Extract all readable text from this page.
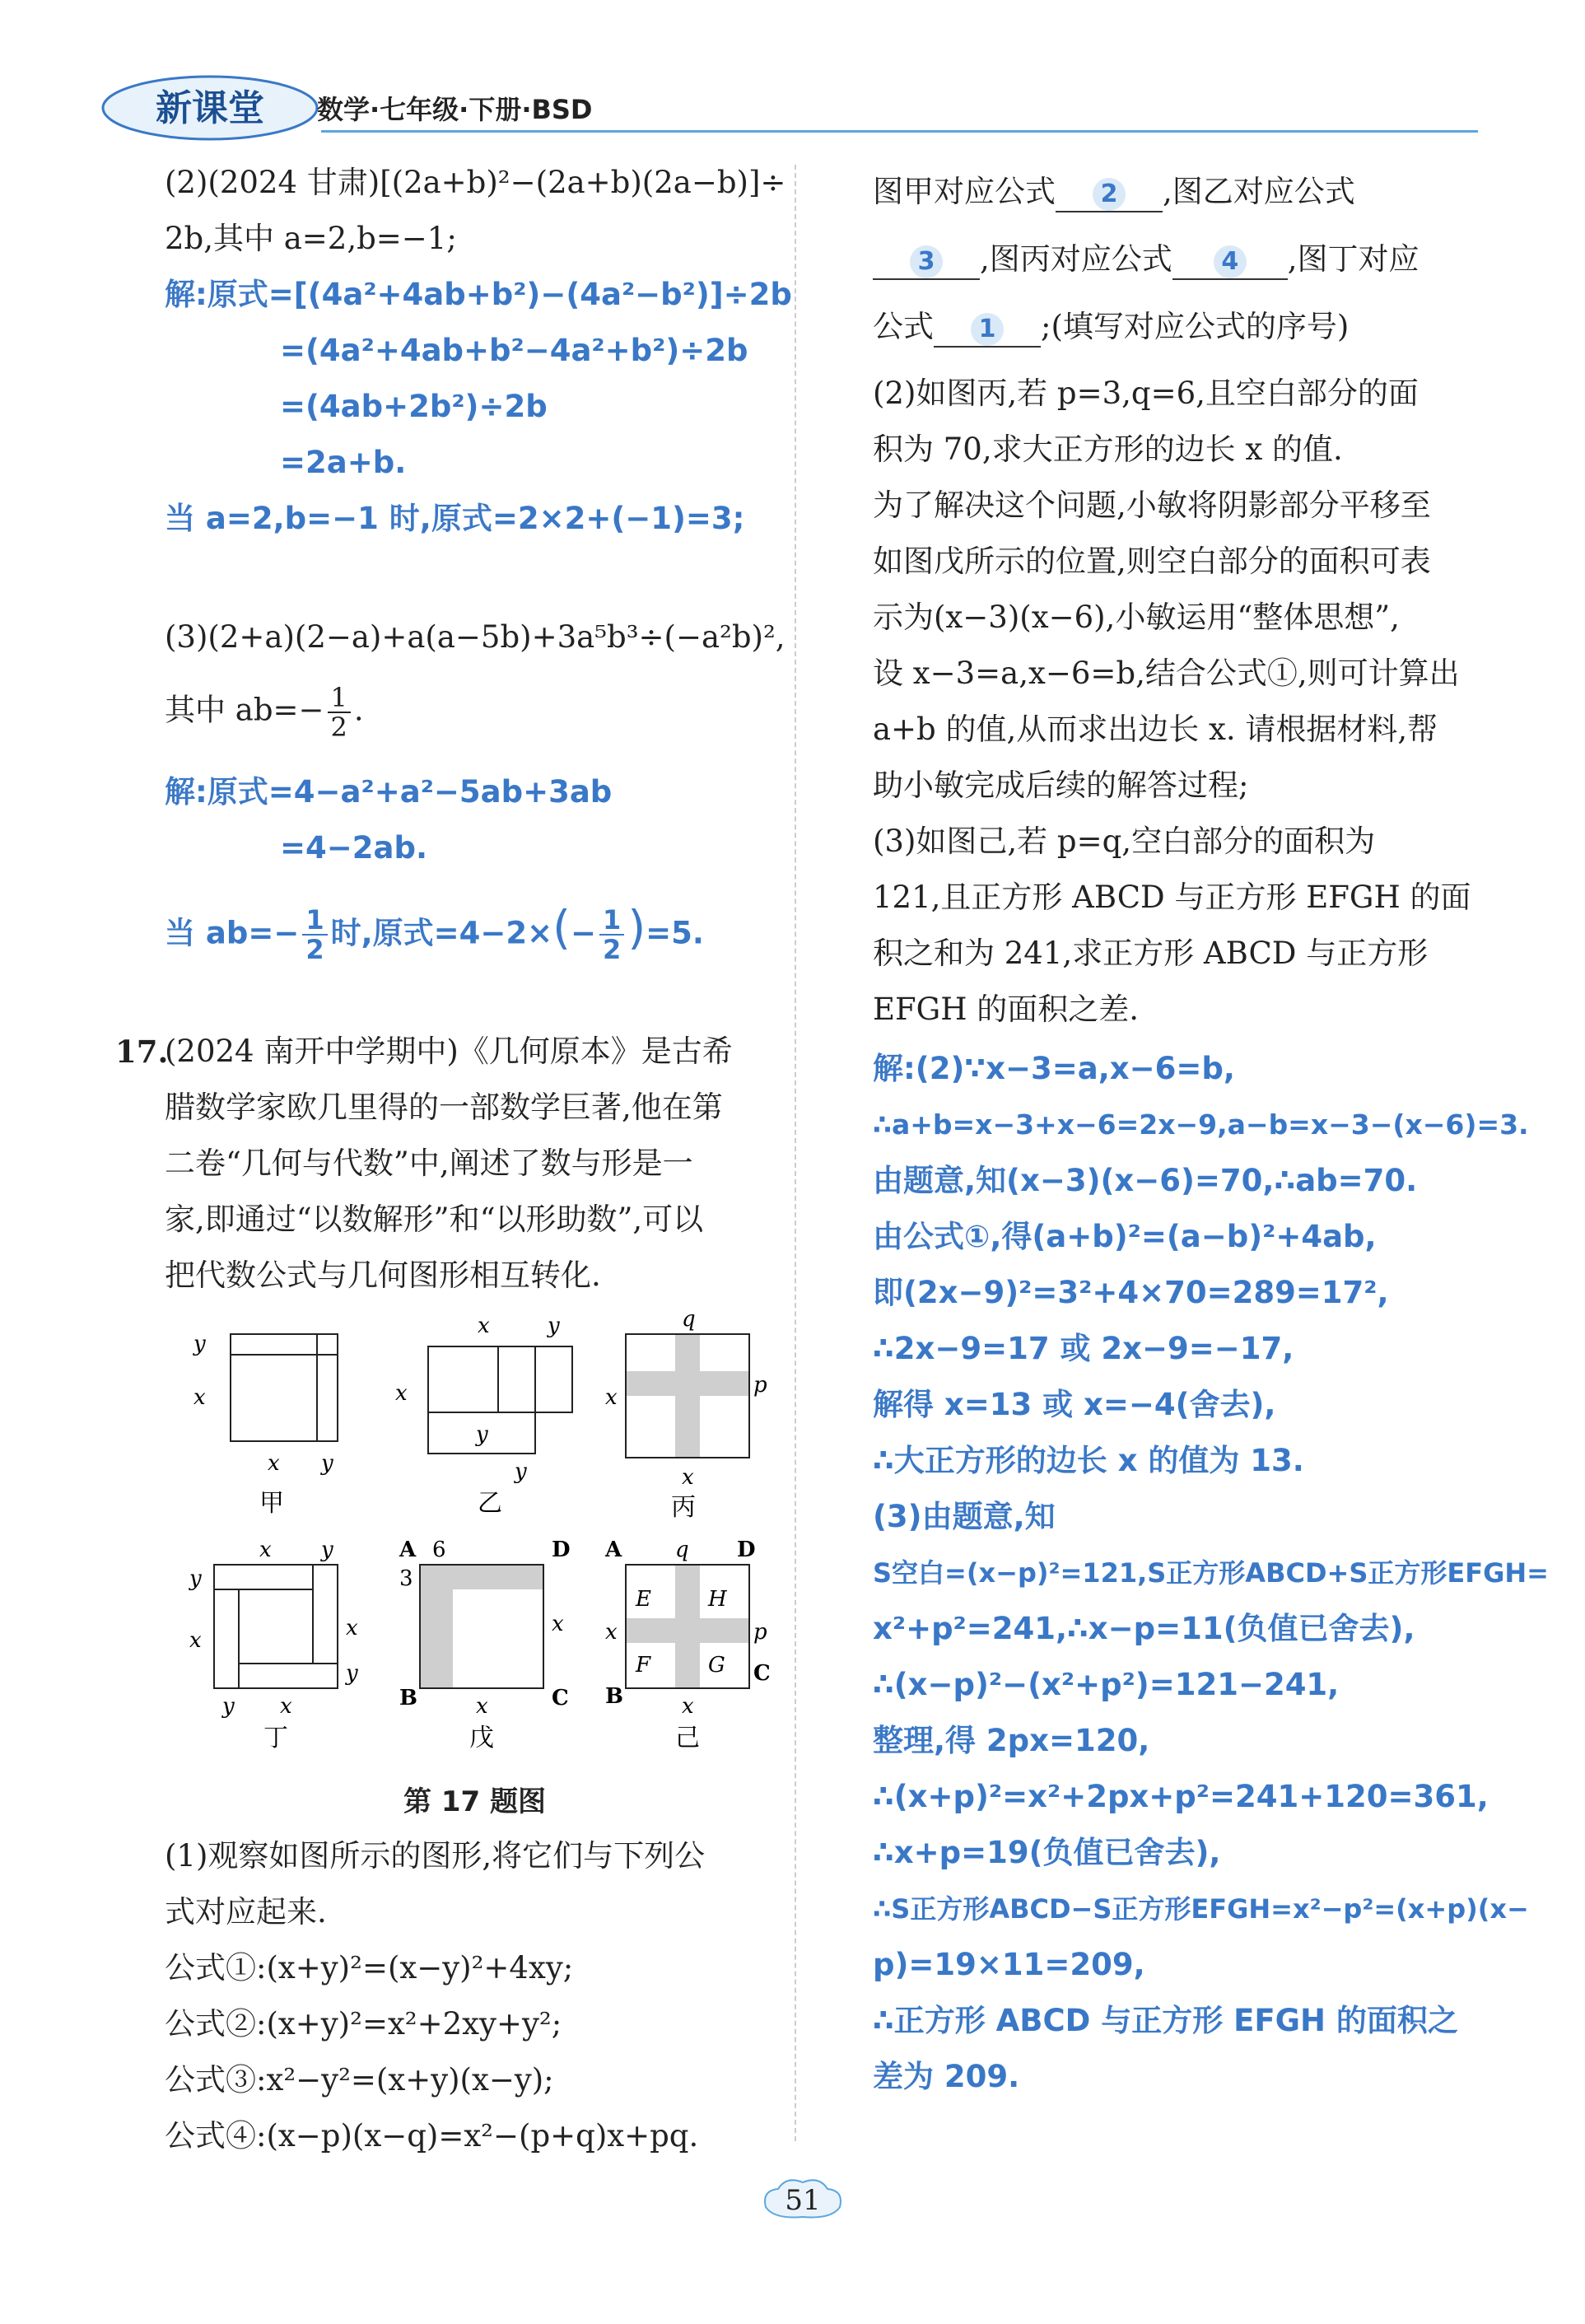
新课堂 数学·七年级·下册·BSD
(2)(2024 甘肃)[(2a+b)²−(2a+b)(2a−b)]÷
2b,其中 a=2,b=−1;
解:原式=[(4a²+4ab+b²)−(4a²−b²)]÷2b
=(4a²+4ab+b²−4a²+b²)÷2b
=(4ab+2b²)÷2b
=2a+b.
当 a=2,b=−1 时,原式=2×2+(−1)=3;
(3)(2+a)(2−a)+a(a−5b)+3a⁵b³÷(−a²b)²,
其中 $ab=- \frac{1}{2}$ .
解:原式=4−a²+a²−5ab+3ab
=4−2ab.
当 $ab=- \frac{1}{2}$ 时,原式$=4-2\times(- \frac{1}{2} )=5$.
17.
(2024 南开中学期中)《几何原本》是古希
腊数学家欧几里得的一部数学巨著,他在第
二卷“几何与代数”中,阐述了数与形是一
家,即通过“以数解形”和“以形助数”,可以
把代数公式与几何图形相互转化.
y
x
x y
甲
x	y
x
y
y
乙
q
p
x
x
丙
x y
y
x	x
y
y x
丁
A 6	D
3
x
B	C
x
戊
A q D
E	H
F	G
p
x
B
C
x
己
第 17 题图
(1)观察如图所示的图形,将它们与下列公
式对应起来.
公式①:(x+y)²=(x−y)²+4xy;
公式②:(x+y)²=x²+2xy+y²;
公式③:x²−y²=(x+y)(x−y);
公式④:(x−p)(x−q)=x²−(p+q)x+pq.
图甲对应公式 2 ,图乙对应公式
3 ,图丙对应公式 4 ,图丁对应
公式 1 ;(填写对应公式的序号)
(2)如图丙,若 p=3,q=6,且空白部分的面
积为 70,求大正方形的边长 x 的值.
为了解决这个问题,小敏将阴影部分平移至
如图戊所示的位置,则空白部分的面积可表
示为(x−3)(x−6),小敏运用“整体思想”,
设 x−3=a,x−6=b,结合公式①,则可计算出
a+b 的值,从而求出边长 x. 请根据材料,帮
助小敏完成后续的解答过程;
(3)如图己,若 p=q,空白部分的面积为
121,且正方形 ABCD 与正方形 EFGH 的面
积之和为 241,求正方形 ABCD 与正方形
EFGH 的面积之差.
解:(2)∵x−3=a,x−6=b,
∴a+b=x−3+x−6=2x−9,a−b=x−3−(x−6)=3.
由题意,知(x−3)(x−6)=70,∴ab=70.
由公式①,得(a+b)²=(a−b)²+4ab,
即(2x−9)²=3²+4×70=289=17²,
∴2x−9=17 或 2x−9=−17,
解得 x=13 或 x=−4(舍去),
∴大正方形的边长 x 的值为 13.
(3)由题意,知
S空白=(x−p)²=121,S正方形ABCD+S正方形EFGH=
x²+p²=241,∴x−p=11(负值已舍去),
∴(x−p)²−(x²+p²)=121−241,
整理,得 2px=120,
∴(x+p)²=x²+2px+p²=241+120=361,
∴x+p=19(负值已舍去),
∴S正方形ABCD−S正方形EFGH=x²−p²=(x+p)(x−
p)=19×11=209,
∴正方形 ABCD 与正方形 EFGH 的面积之
差为 209.
51
